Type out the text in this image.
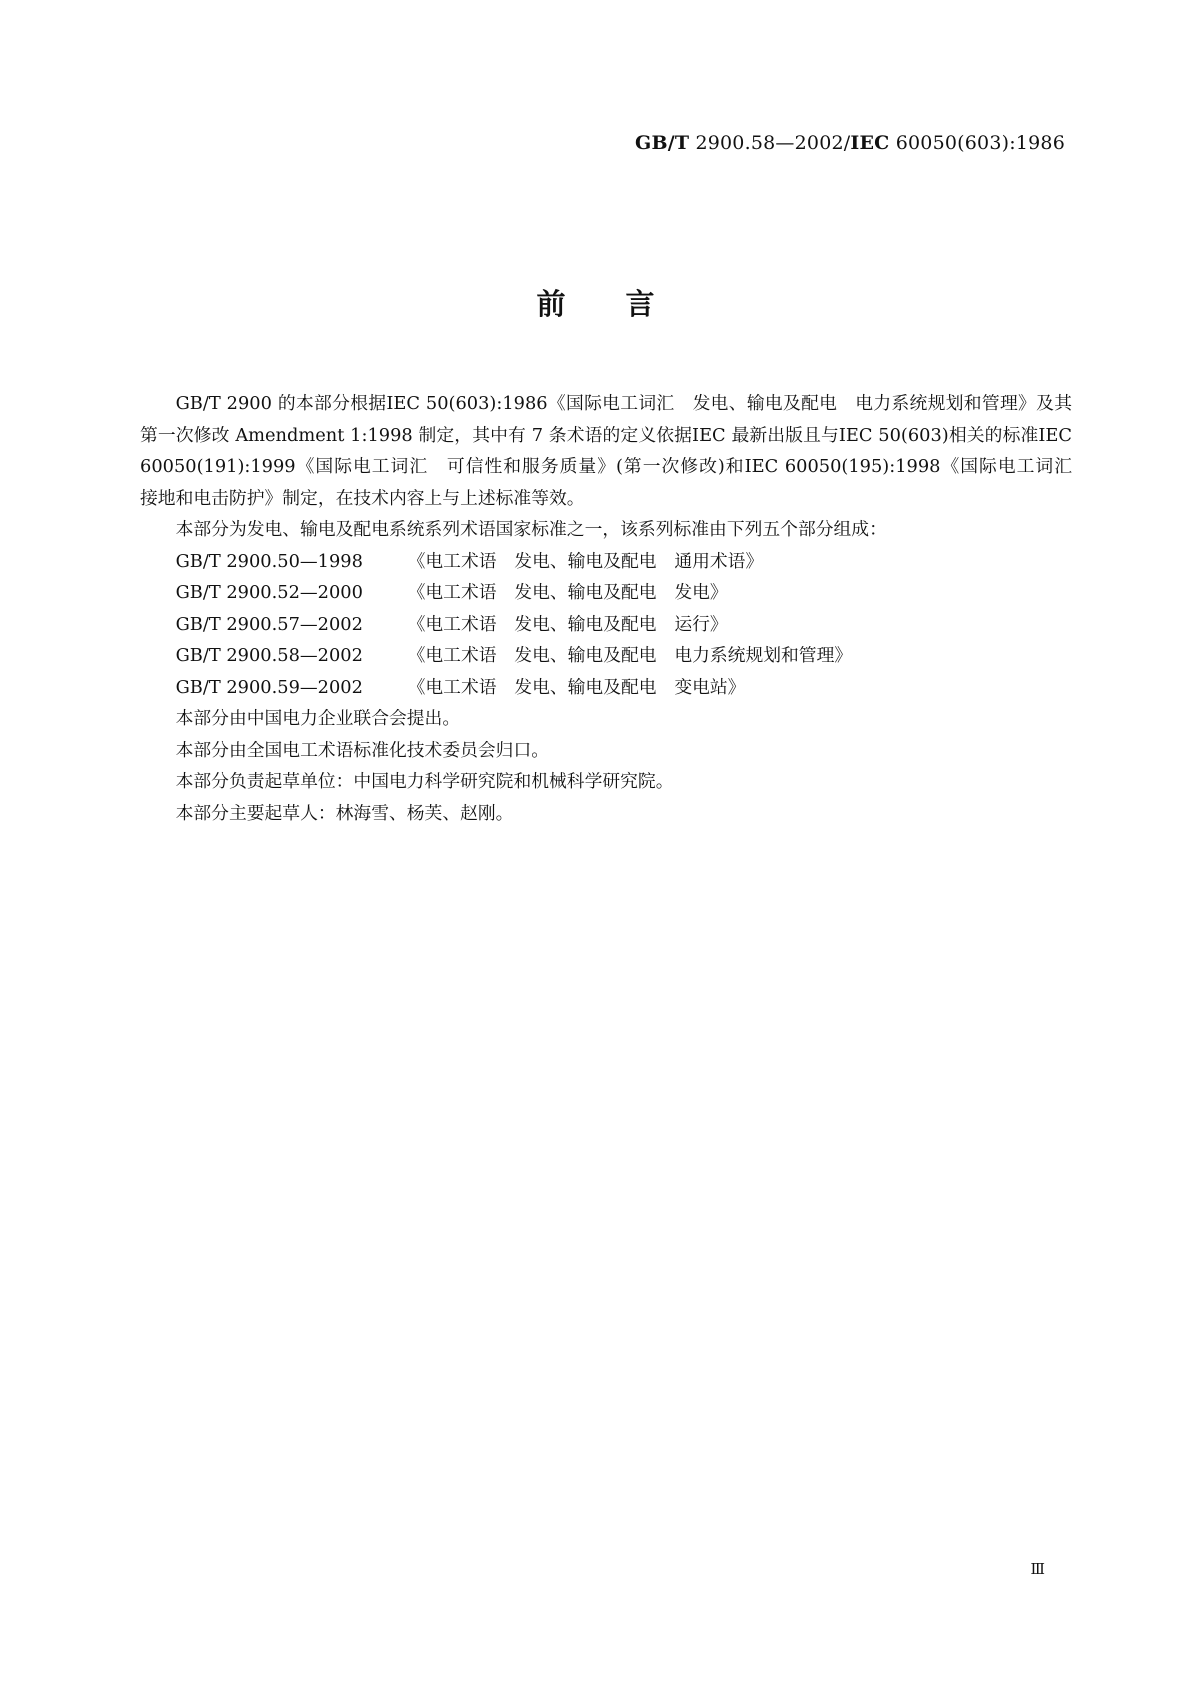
GB/T 2900.58—2002/IEC 60050(603):1986
前言

GB/T 2900 的本部分根据IEC 50(603):1986《国际电工词汇　发电、输电及配电　电力系统规划和管理》及其第一次修改 Amendment 1:1998 制定，其中有 7 条术语的定义依据IEC 最新出版且与IEC 50(603)相关的标准IEC 60050(191):1999《国际电工词汇　可信性和服务质量》(第一次修改)和IEC 60050(195):1998《国际电工词汇　接地和电击防护》制定，在技术内容上与上述标准等效。

本部分为发电、输电及配电系统系列术语国家标准之一，该系列标准由下列五个部分组成：

GB/T 2900.50—1998	《电工术语　发电、输电及配电　通用术语》

GB/T 2900.52—2000	《电工术语　发电、输电及配电　发电》

GB/T 2900.57—2002	《电工术语　发电、输电及配电　运行》

GB/T 2900.58—2002	《电工术语　发电、输电及配电　电力系统规划和管理》

GB/T 2900.59—2002	《电工术语　发电、输电及配电　变电站》

本部分由中国电力企业联合会提出。

本部分由全国电工术语标准化技术委员会归口。

本部分负责起草单位：中国电力科学研究院和机械科学研究院。

本部分主要起草人：林海雪、杨芙、赵刚。

Ⅲ
